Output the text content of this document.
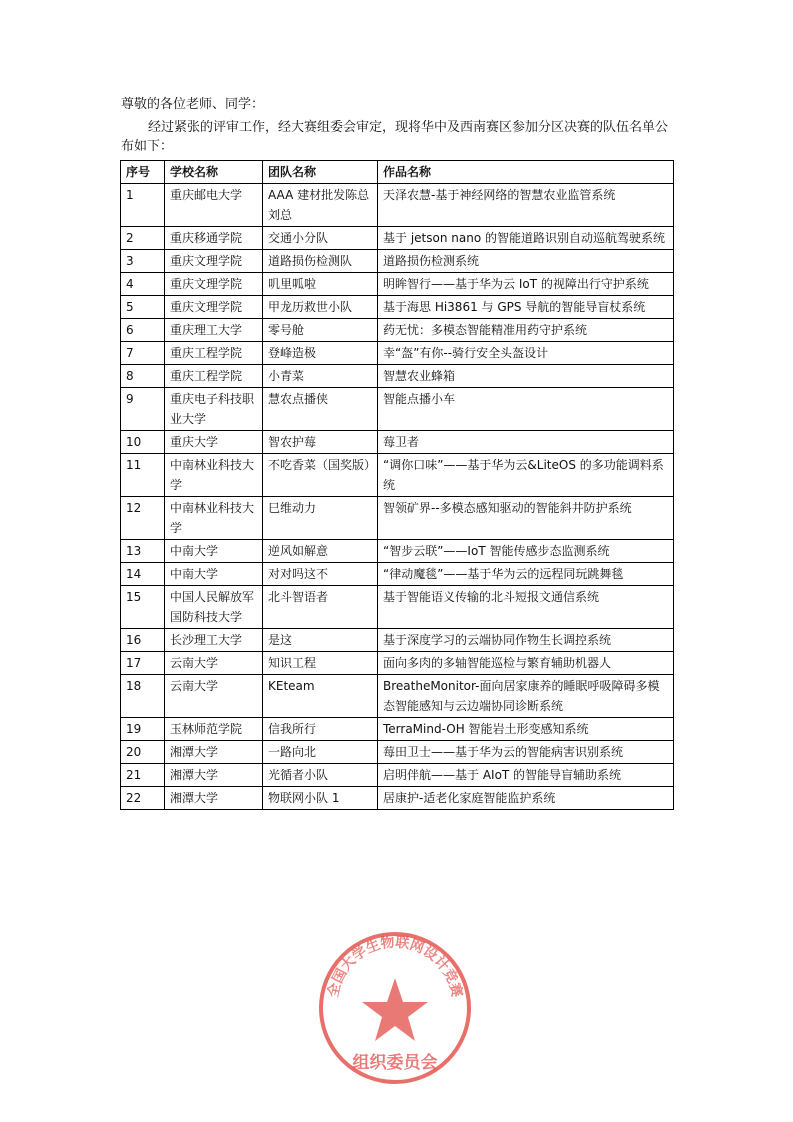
尊敬的各位老师、同学：
经过紧张的评审工作，经大赛组委会审定，现将华中及西南赛区参加分区决赛的队伍名单公布如下：
序号	学校名称	团队名称	作品名称
1	重庆邮电大学	AAA 建材批发陈总刘总	天泽农慧-基于神经网络的智慧农业监管系统
2	重庆移通学院	交通小分队	基于 jetson nano 的智能道路识别自动巡航驾驶系统
3	重庆文理学院	道路损伤检测队	道路损伤检测系统
4	重庆文理学院	叽里呱啦	明眸智行——基于华为云 IoT 的视障出行守护系统
5	重庆文理学院	甲龙历救世小队	基于海思 Hi3861 与 GPS 导航的智能导盲杖系统
6	重庆理工大学	零号舱	药无忧：多模态智能精准用药守护系统
7	重庆工程学院	登峰造极	幸“盔”有你--骑行安全头盔设计
8	重庆工程学院	小青菜	智慧农业蜂箱
9	重庆电子科技职业大学	慧农点播侠	智能点播小车
10	重庆大学	智农护莓	莓卫者
11	中南林业科技大学	不吃香菜（国奖版）	“调你口味”——基于华为云&LiteOS 的多功能调料系统
12	中南林业科技大学	巳维动力	智领矿界--多模态感知驱动的智能斜井防护系统
13	中南大学	逆风如解意	“智步云联”——IoT 智能传感步态监测系统
14	中南大学	对对吗这不	“律动魔毯”——基于华为云的远程同玩跳舞毯
15	中国人民解放军国防科技大学	北斗智语者	基于智能语义传输的北斗短报文通信系统
16	长沙理工大学	是这	基于深度学习的云端协同作物生长调控系统
17	云南大学	知识工程	面向多肉的多轴智能巡检与繁育辅助机器人
18	云南大学	KEteam	BreatheMonitor-面向居家康养的睡眠呼吸障碍多模态智能感知与云边端协同诊断系统
19	玉林师范学院	信我所行	TerraMind-OH 智能岩土形变感知系统
20	湘潭大学	一路向北	莓田卫士——基于华为云的智能病害识别系统
21	湘潭大学	光循者小队	启明伴航——基于 AIoT 的智能导盲辅助系统
22	湘潭大学	物联网小队 1	居康护-适老化家庭智能监护系统
全国大学生物联网设计竞赛
组织委员会
